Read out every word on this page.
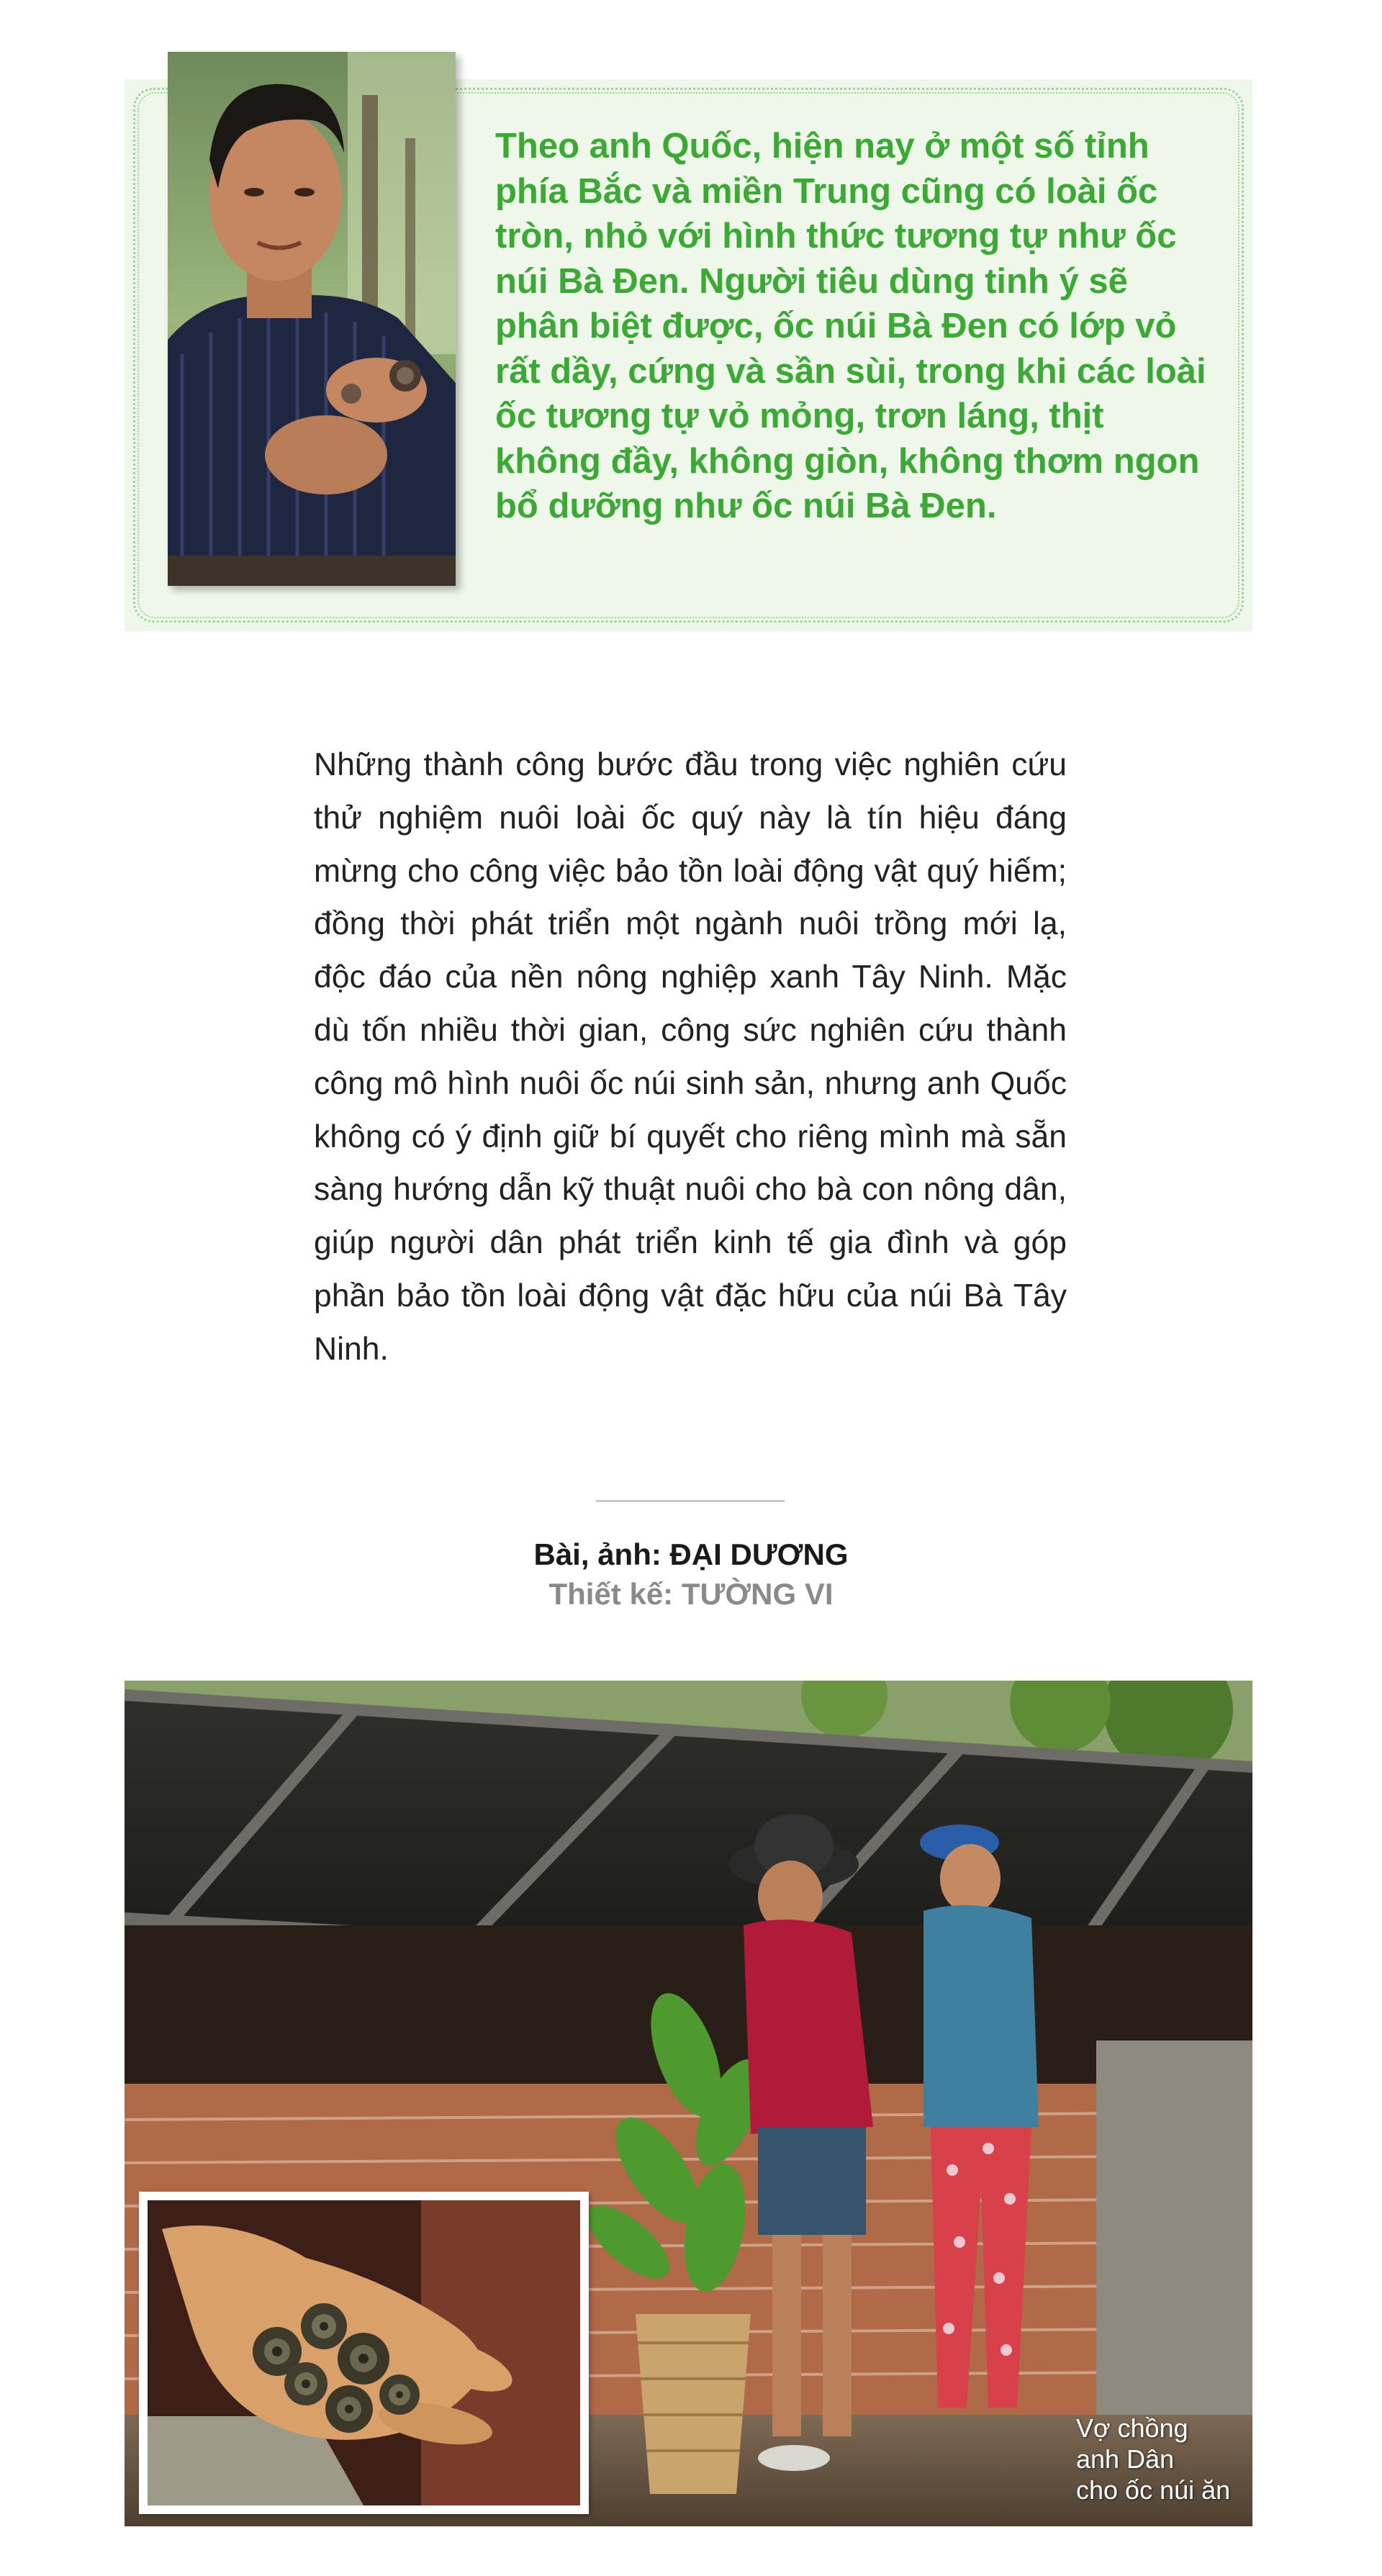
Theo anh Quốc, hiện nay ở một số tỉnh phía Bắc và miền Trung cũng có loài ốc tròn, nhỏ với hình thức tương tự như ốc núi Bà Đen. Người tiêu dùng tinh ý sẽ phân biệt được, ốc núi Bà Đen có lớp vỏ rất dầy, cứng và sần sùi, trong khi các loài ốc tương tự vỏ mỏng, trơn láng, thịt không đầy, không giòn, không thơm ngon bổ dưỡng như ốc núi Bà Đen.

Những thành công bước đầu trong việc nghiên cứu thử nghiệm nuôi loài ốc quý này là tín hiệu đáng mừng cho công việc bảo tồn loài động vật quý hiếm; đồng thời phát triển một ngành nuôi trồng mới lạ, độc đáo của nền nông nghiệp xanh Tây Ninh. Mặc dù tốn nhiều thời gian, công sức nghiên cứu thành công mô hình nuôi ốc núi sinh sản, nhưng anh Quốc không có ý định giữ bí quyết cho riêng mình mà sẵn sàng hướng dẫn kỹ thuật nuôi cho bà con nông dân, giúp người dân phát triển kinh tế gia đình và góp phần bảo tồn loài động vật đặc hữu của núi Bà Tây Ninh.

Bài, ảnh: ĐẠI DƯƠNG

Thiết kế: TƯỜNG VI

Vợ chồng
anh Dân
cho ốc núi ăn
